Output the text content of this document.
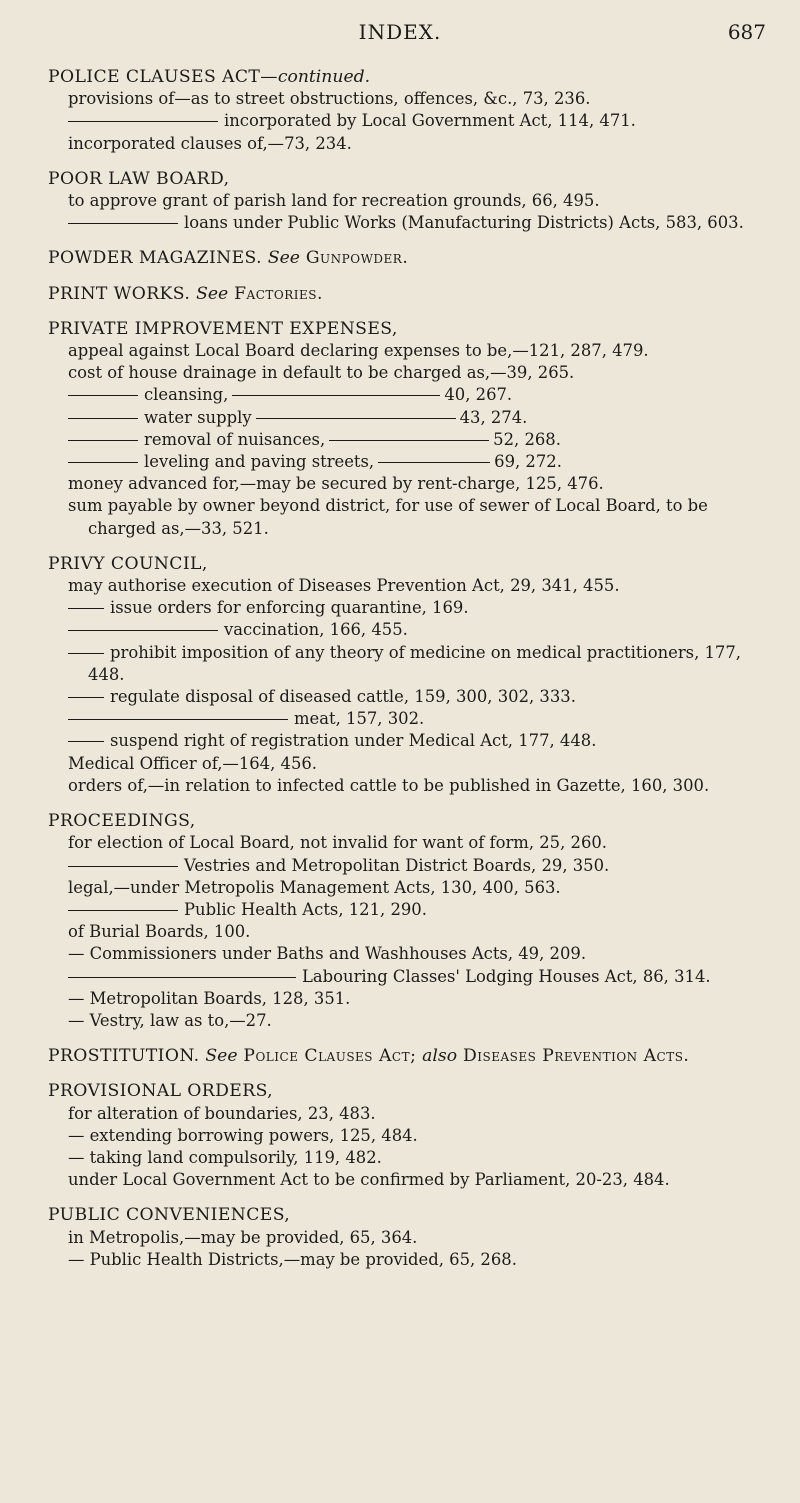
INDEX.	687
POLICE CLAUSES ACT—continued.
provisions of—as to street obstructions, offences, &c., 73, 236.
incorporated by Local Government Act, 114, 471.
incorporated clauses of,—73, 234.
POOR LAW BOARD,
to approve grant of parish land for recreation grounds, 66, 495.
loans under Public Works (Manufacturing Districts) Acts, 583, 603.
POWDER MAGAZINES. See Gunpowder.
PRINT WORKS. See Factories.
PRIVATE IMPROVEMENT EXPENSES,
appeal against Local Board declaring expenses to be,—121, 287, 479.
cost of house drainage in default to be charged as,—39, 265.
cleansing,	40, 267.
water supply	43, 274.
removal of nuisances,	52, 268.
leveling and paving streets,	69, 272.
money advanced for,—may be secured by rent-charge, 125, 476.
sum payable by owner beyond district, for use of sewer of Local Board, to be charged as,—33, 521.
PRIVY COUNCIL,
may authorise execution of Diseases Prevention Act, 29, 341, 455.
issue orders for enforcing quarantine, 169.
vaccination, 166, 455.
prohibit imposition of any theory of medicine on medical practitioners, 177, 448.
regulate disposal of diseased cattle, 159, 300, 302, 333.
meat, 157, 302.
suspend right of registration under Medical Act, 177, 448.
Medical Officer of,—164, 456.
orders of,—in relation to infected cattle to be published in Gazette, 160, 300.
PROCEEDINGS,
for election of Local Board, not invalid for want of form, 25, 260.
Vestries and Metropolitan District Boards, 29, 350.
legal,—under Metropolis Management Acts, 130, 400, 563.
Public Health Acts, 121, 290.
of Burial Boards, 100.
— Commissioners under Baths and Washhouses Acts, 49, 209.
Labouring Classes' Lodging Houses Act, 86, 314.
— Metropolitan Boards, 128, 351.
— Vestry, law as to,—27.
PROSTITUTION. See Police Clauses Act; also Diseases Prevention Acts.
PROVISIONAL ORDERS,
for alteration of boundaries, 23, 483.
— extending borrowing powers, 125, 484.
— taking land compulsorily, 119, 482.
under Local Government Act to be confirmed by Parliament, 20-23, 484.
PUBLIC CONVENIENCES,
in Metropolis,—may be provided, 65, 364.
— Public Health Districts,—may be provided, 65, 268.
